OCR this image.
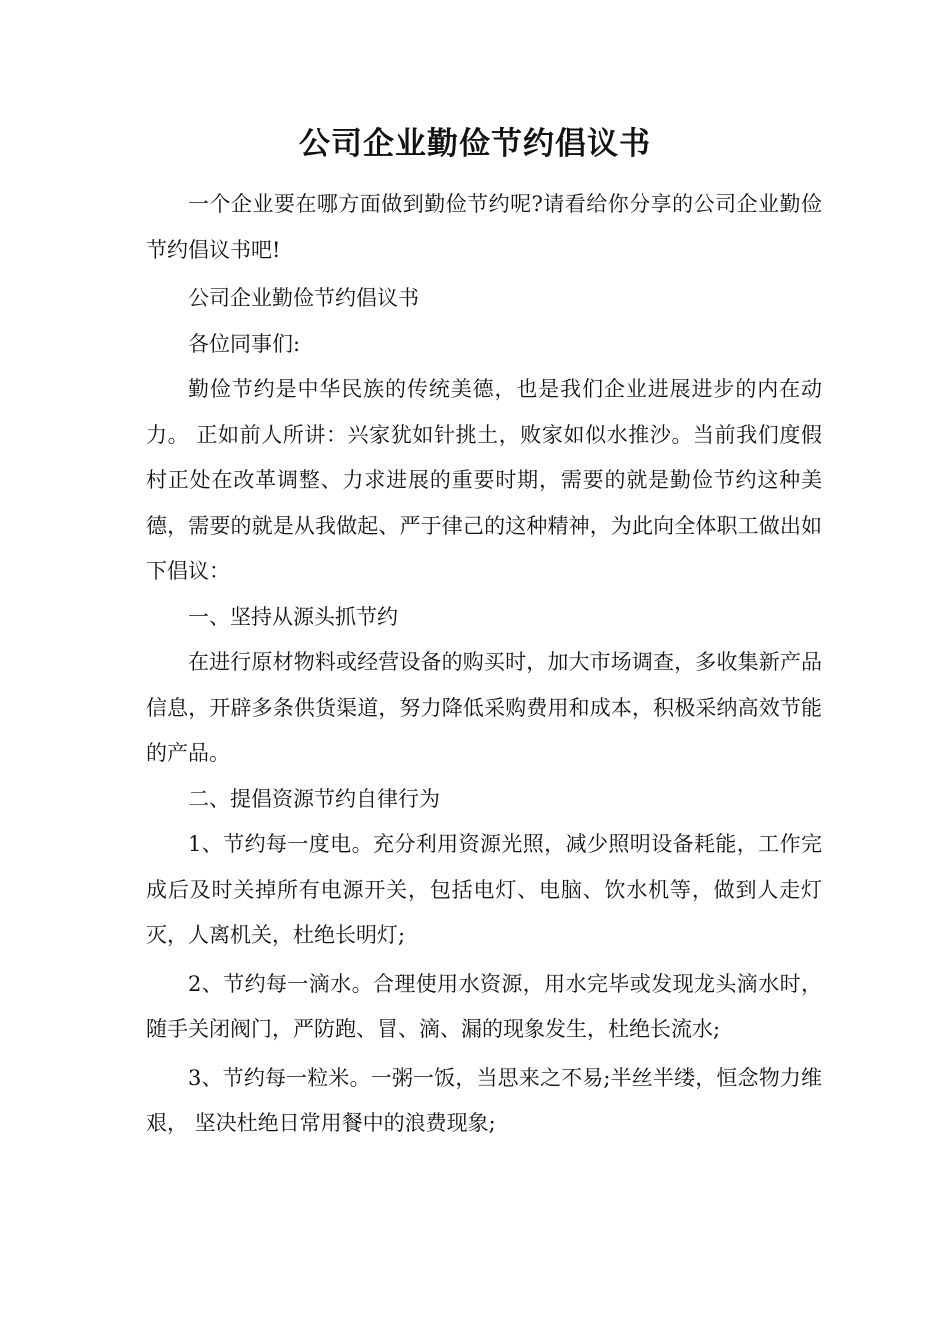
公司企业勤俭节约倡议书

一个企业要在哪方面做到勤俭节约呢?请看给你分享的公司企业勤俭节约倡议书吧!

公司企业勤俭节约倡议书

各位同事们:

勤俭节约是中华民族的传统美德，也是我们企业进展进步的内在动力。 正如前人所讲：兴家犹如针挑土，败家如似水推沙。当前我们度假村正处在改革调整、力求进展的重要时期，需要的就是勤俭节约这种美德，需要的就是从我做起、严于律己的这种精神，为此向全体职工做出如下倡议：

一、坚持从源头抓节约

在进行原材物料或经营设备的购买时，加大市场调查，多收集新产品信息，开辟多条供货渠道，努力降低采购费用和成本，积极采纳高效节能的产品。

二、提倡资源节约自律行为

1、节约每一度电。充分利用资源光照，减少照明设备耗能，工作完成后及时关掉所有电源开关，包括电灯、电脑、饮水机等，做到人走灯灭，人离机关，杜绝长明灯;

2、节约每一滴水。合理使用水资源，用水完毕或发现龙头滴水时，随手关闭阀门，严防跑、冒、滴、漏的现象发生，杜绝长流水;

3、节约每一粒米。一粥一饭，当思来之不易;半丝半缕，恒念物力维艰， 坚决杜绝日常用餐中的浪费现象;
